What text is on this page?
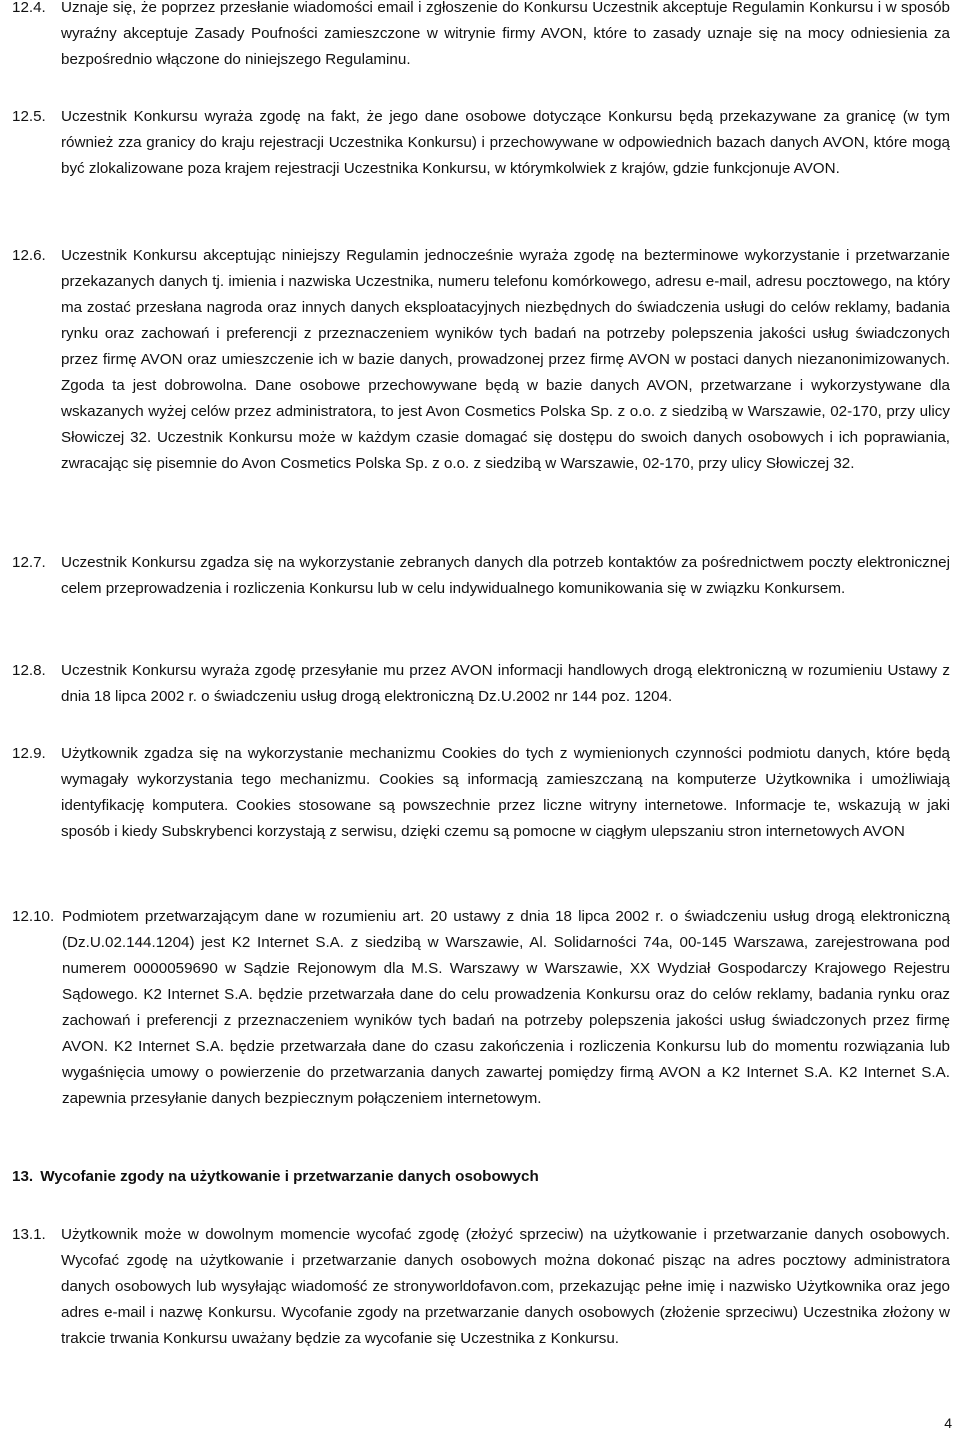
12.4. Uznaje się, że poprzez przesłanie wiadomości email i zgłoszenie do Konkursu Uczestnik akceptuje Regulamin Konkursu i w sposób wyraźny akceptuje Zasady Poufności zamieszczone w witrynie firmy AVON, które to zasady uznaje się na mocy odniesienia za bezpośrednio włączone do niniejszego Regulaminu.
12.5. Uczestnik Konkursu wyraża zgodę na fakt, że jego dane osobowe dotyczące Konkursu będą przekazywane za granicę (w tym również zza granicy do kraju rejestracji Uczestnika Konkursu) i przechowywane w odpowiednich bazach danych AVON, które mogą być zlokalizowane poza krajem rejestracji Uczestnika Konkursu, w którymkolwiek z krajów, gdzie funkcjonuje AVON.
12.6. Uczestnik Konkursu akceptując niniejszy Regulamin jednocześnie wyraża zgodę na bezterminowe wykorzystanie i przetwarzanie przekazanych danych tj. imienia i nazwiska Uczestnika, numeru telefonu komórkowego, adresu e-mail, adresu pocztowego, na który ma zostać przesłana nagroda oraz innych danych eksploatacyjnych niezbędnych do świadczenia usługi do celów reklamy, badania rynku oraz zachowań i preferencji z przeznaczeniem wyników tych badań na potrzeby polepszenia jakości usług świadczonych przez firmę AVON oraz umieszczenie ich w bazie danych, prowadzonej przez firmę AVON w postaci danych niezanonimizowanych. Zgoda ta jest dobrowolna. Dane osobowe przechowywane będą w bazie danych AVON, przetwarzane i wykorzystywane dla wskazanych wyżej celów przez administratora, to jest Avon Cosmetics Polska Sp. z o.o. z siedzibą w Warszawie, 02-170, przy ulicy Słowiczej 32. Uczestnik Konkursu może w każdym czasie domagać się dostępu do swoich danych osobowych i ich poprawiania, zwracając się pisemnie do Avon Cosmetics Polska Sp. z o.o. z siedzibą w Warszawie, 02-170, przy ulicy Słowiczej 32.
12.7. Uczestnik Konkursu zgadza się na wykorzystanie zebranych danych dla potrzeb kontaktów za pośrednictwem poczty elektronicznej celem przeprowadzenia i rozliczenia Konkursu lub w celu indywidualnego komunikowania się w związku Konkursem.
12.8. Uczestnik Konkursu wyraża zgodę przesyłanie mu przez AVON informacji handlowych drogą elektroniczną w rozumieniu Ustawy z dnia 18 lipca 2002 r. o świadczeniu usług drogą elektroniczną Dz.U.2002 nr 144 poz. 1204.
12.9. Użytkownik zgadza się na wykorzystanie mechanizmu Cookies do tych z wymienionych czynności podmiotu danych, które będą wymagały wykorzystania tego mechanizmu. Cookies są informacją zamieszczaną na komputerze Użytkownika i umożliwiają identyfikację komputera. Cookies stosowane są powszechnie przez liczne witryny internetowe. Informacje te, wskazują w jaki sposób i kiedy Subskrybenci korzystają z serwisu, dzięki czemu są pomocne w ciągłym ulepszaniu stron internetowych AVON
12.10. Podmiotem przetwarzającym dane w rozumieniu art. 20 ustawy z dnia 18 lipca 2002 r. o świadczeniu usług drogą elektroniczną (Dz.U.02.144.1204) jest K2 Internet S.A. z siedzibą w Warszawie, Al. Solidarności 74a, 00-145 Warszawa, zarejestrowana pod numerem 0000059690 w Sądzie Rejonowym dla M.S. Warszawy w Warszawie, XX Wydział Gospodarczy Krajowego Rejestru Sądowego. K2 Internet S.A. będzie przetwarzała dane do celu prowadzenia Konkursu oraz do celów reklamy, badania rynku oraz zachowań i preferencji z przeznaczeniem wyników tych badań na potrzeby polepszenia jakości usług świadczonych przez firmę AVON. K2 Internet S.A. będzie przetwarzała dane do czasu zakończenia i rozliczenia Konkursu lub do momentu rozwiązania lub wygaśnięcia umowy o powierzenie do przetwarzania danych zawartej pomiędzy firmą AVON a K2 Internet S.A. K2 Internet S.A. zapewnia przesyłanie danych bezpiecznym połączeniem internetowym.
13. Wycofanie zgody na użytkowanie i przetwarzanie danych osobowych
13.1. Użytkownik może w dowolnym momencie wycofać zgodę (złożyć sprzeciw) na użytkowanie i przetwarzanie danych osobowych. Wycofać zgodę na użytkowanie i przetwarzanie danych osobowych można dokonać pisząc na adres pocztowy administratora danych osobowych lub wysyłając wiadomość ze stronyworldofavon.com, przekazując pełne imię i nazwisko Użytkownika oraz jego adres e-mail i nazwę Konkursu. Wycofanie zgody na przetwarzanie danych osobowych (złożenie sprzeciwu) Uczestnika złożony w trakcie trwania Konkursu uważany będzie za wycofanie się Uczestnika z Konkursu.
4
